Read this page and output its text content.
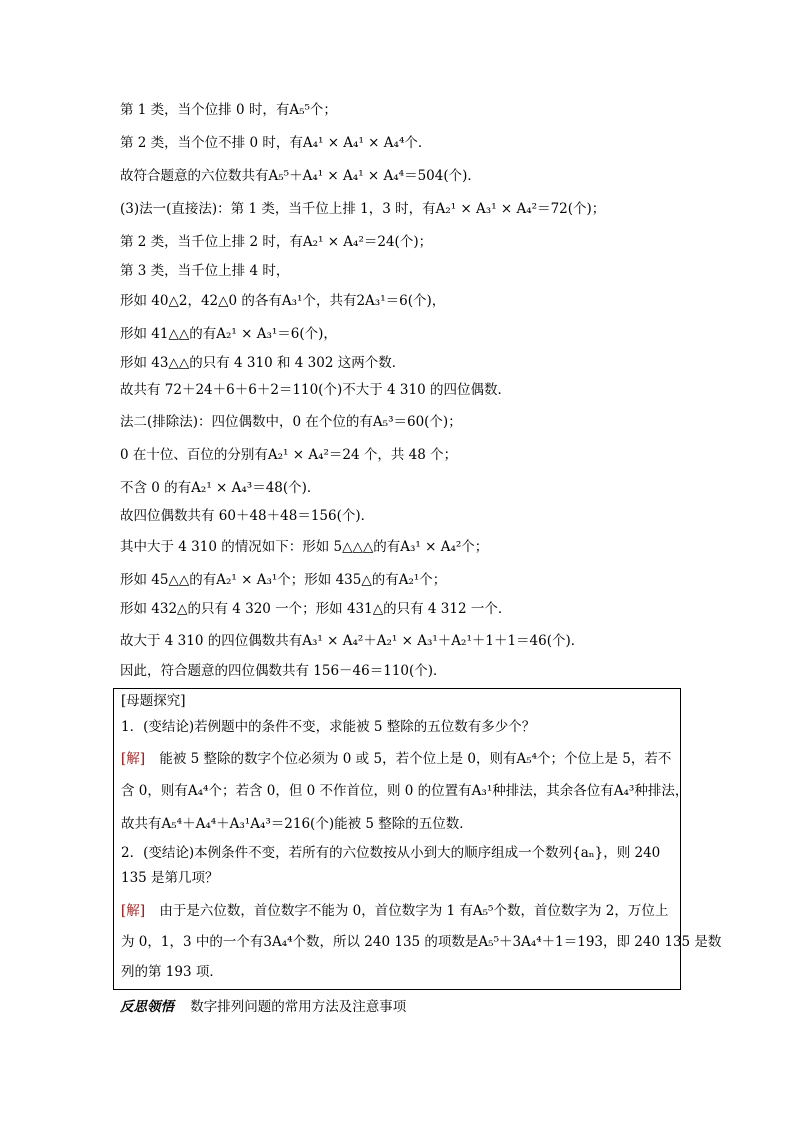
第 1 类，当个位排 0 时，有A₅⁵个；
第 2 类，当个位不排 0 时，有A₄¹ × A₄¹ × A₄⁴个．
故符合题意的六位数共有A₅⁵＋A₄¹ × A₄¹ × A₄⁴＝504(个)．
(3)法一(直接法)：第 1 类，当千位上排 1，3 时，有A₂¹ × A₃¹ × A₄²＝72(个)；
第 2 类，当千位上排 2 时，有A₂¹ × A₄²＝24(个)；
第 3 类，当千位上排 4 时，
形如 40△2，42△0 的各有A₃¹个，共有2A₃¹＝6(个)，
形如 41△△的有A₂¹ × A₃¹＝6(个)，
形如 43△△的只有 4 310 和 4 302 这两个数．
故共有 72＋24＋6＋6＋2＝110(个)不大于 4 310 的四位偶数．
法二(排除法)：四位偶数中，0 在个位的有A₅³＝60(个)；
0 在十位、百位的分别有A₂¹ × A₄²＝24 个，共 48 个；
不含 0 的有A₂¹ × A₄³＝48(个)．
故四位偶数共有 60＋48＋48＝156(个)．
其中大于 4 310 的情况如下：形如 5△△△的有A₃¹ × A₄²个；
形如 45△△的有A₂¹ × A₃¹个；形如 435△的有A₂¹个；
形如 432△的只有 4 320 一个；形如 431△的只有 4 312 一个．
故大于 4 310 的四位偶数共有A₃¹ × A₄²＋A₂¹ × A₃¹＋A₂¹＋1＋1＝46(个)．
因此，符合题意的四位偶数共有 156－46＝110(个)．
[母题探究]
1．(变结论)若例题中的条件不变，求能被 5 整除的五位数有多少个？
[解] 能被 5 整除的数字个位必须为 0 或 5，若个位上是 0，则有A₅⁴个；个位上是 5，若不
含 0，则有A₄⁴个；若含 0，但 0 不作首位，则 0 的位置有A₃¹种排法，其余各位有A₄³种排法，
故共有A₅⁴＋A₄⁴＋A₃¹A₄³＝216(个)能被 5 整除的五位数．
2．(变结论)本例条件不变，若所有的六位数按从小到大的顺序组成一个数列{aₙ}，则 240
135 是第几项？
[解] 由于是六位数，首位数字不能为 0，首位数字为 1 有A₅⁵个数，首位数字为 2，万位上
为 0，1，3 中的一个有3A₄⁴个数，所以 240 135 的项数是A₅⁵＋3A₄⁴＋1＝193，即 240 135 是数
列的第 193 项．
反思领悟 数字排列问题的常用方法及注意事项
